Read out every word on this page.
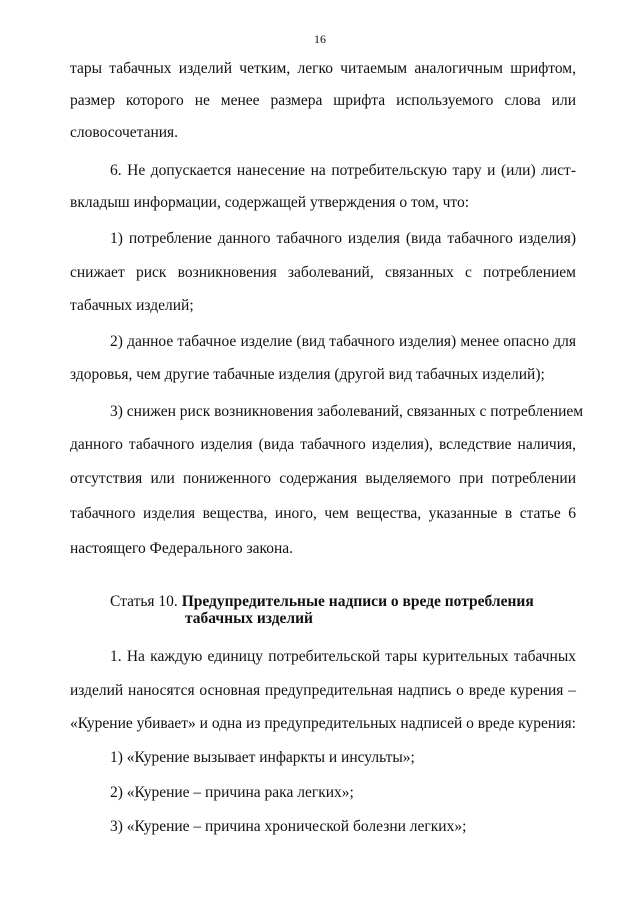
16
тары табачных изделий четким, легко читаемым аналогичным шрифтом,
размер которого не менее размера шрифта используемого слова или
словосочетания.
6. Не допускается нанесение на потребительскую тару и (или) лист-
вкладыш информации, содержащей утверждения о том, что:
1) потребление данного табачного изделия (вида табачного изделия)
снижает риск возникновения заболеваний, связанных с потреблением
табачных изделий;
2) данное табачное изделие (вид табачного изделия) менее опасно для
здоровья, чем другие табачные изделия (другой вид табачных изделий);
3) снижен риск возникновения заболеваний, связанных с потреблением
данного табачного изделия (вида табачного изделия), вследствие наличия,
отсутствия или пониженного содержания выделяемого при потреблении
табачного изделия вещества, иного, чем вещества, указанные в статье 6
настоящего Федерального закона.
Статья 10. Предупредительные надписи о вреде потребления
табачных изделий
1. На каждую единицу потребительской тары курительных табачных
изделий наносятся основная предупредительная надпись о вреде курения –
«Курение убивает» и одна из предупредительных надписей о вреде курения:
1) «Курение вызывает инфаркты и инсульты»;
2) «Курение – причина рака легких»;
3) «Курение – причина хронической болезни легких»;
